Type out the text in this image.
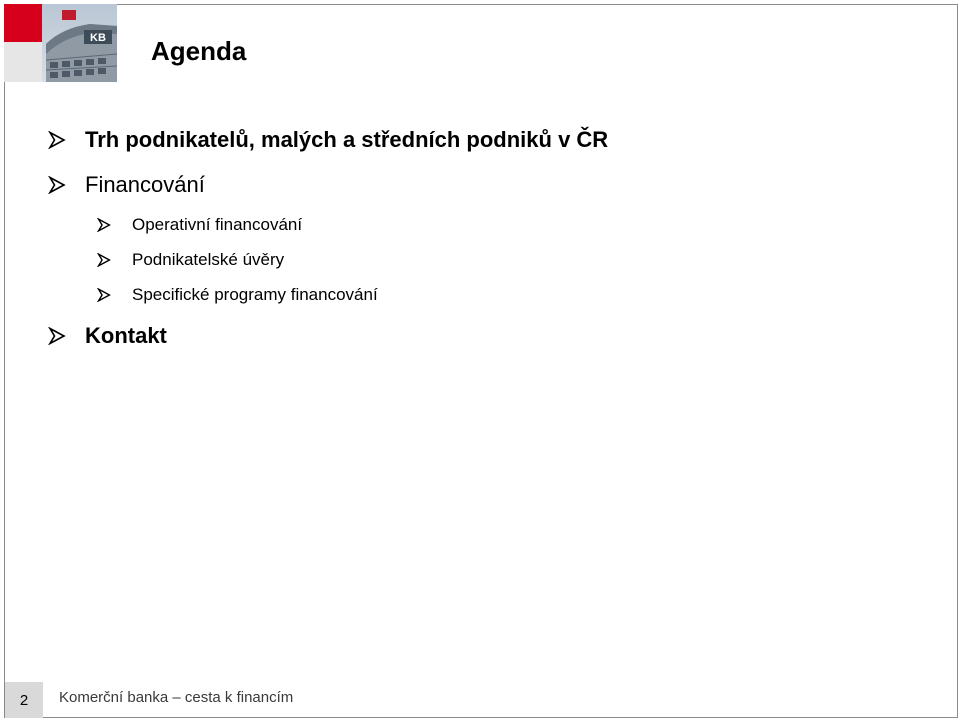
KB Agenda
Trh podnikatelů, malých a středních podniků v ČR
Financování
Operativní financování
Podnikatelské úvěry
Specifické programy financování
Kontakt
2 Komerční banka – cesta k financím
